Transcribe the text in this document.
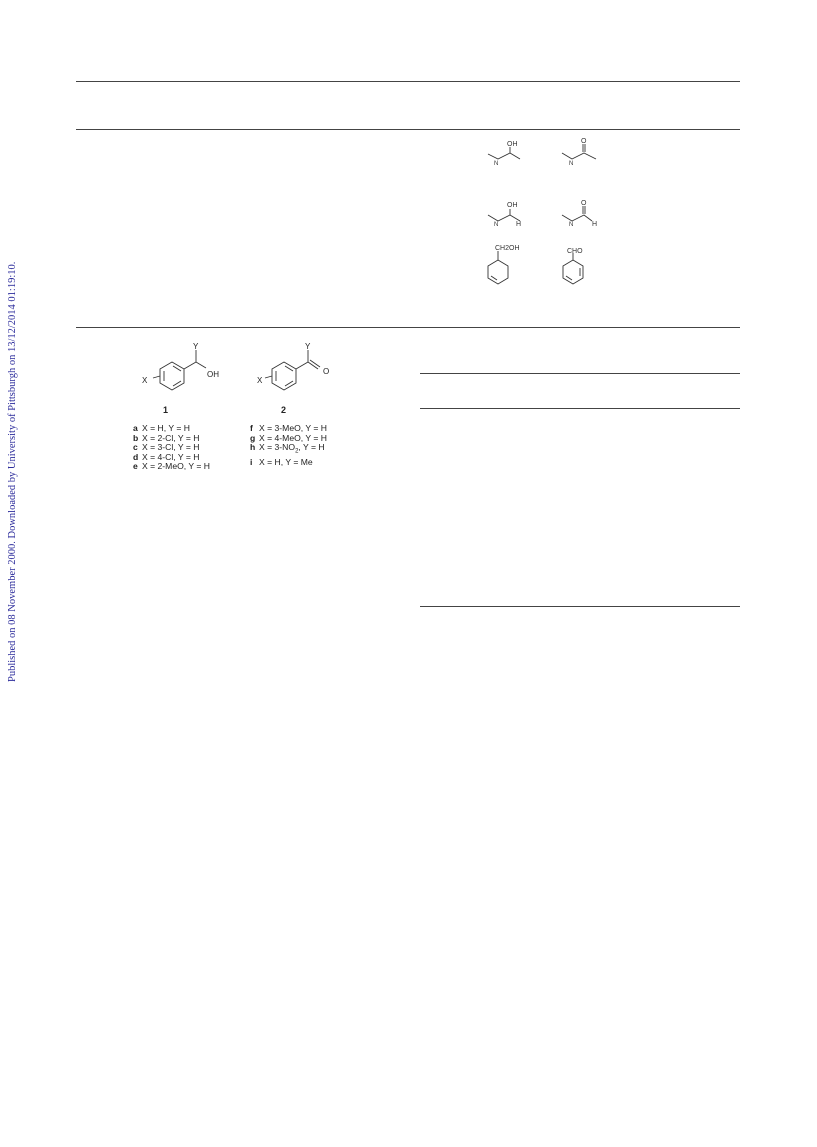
Published on 08 November 2000. Downloaded by University of Pittsburgh on 13/12/2014 01:19:10.
OH
N
O
N
OH
N	H
O
N	H
CH2OH	CHO
Y
OH
X
1
Y
O
X
2
a X = H, Y = H
b X = 2-Cl, Y = H
c X = 3-Cl, Y = H
d X = 4-Cl, Y = H
e X = 2-MeO, Y = H
f X = 3-MeO, Y = H
g X = 4-MeO, Y = H
h $X = 3-NO_2$, Y = H
i X = H, Y = Me
